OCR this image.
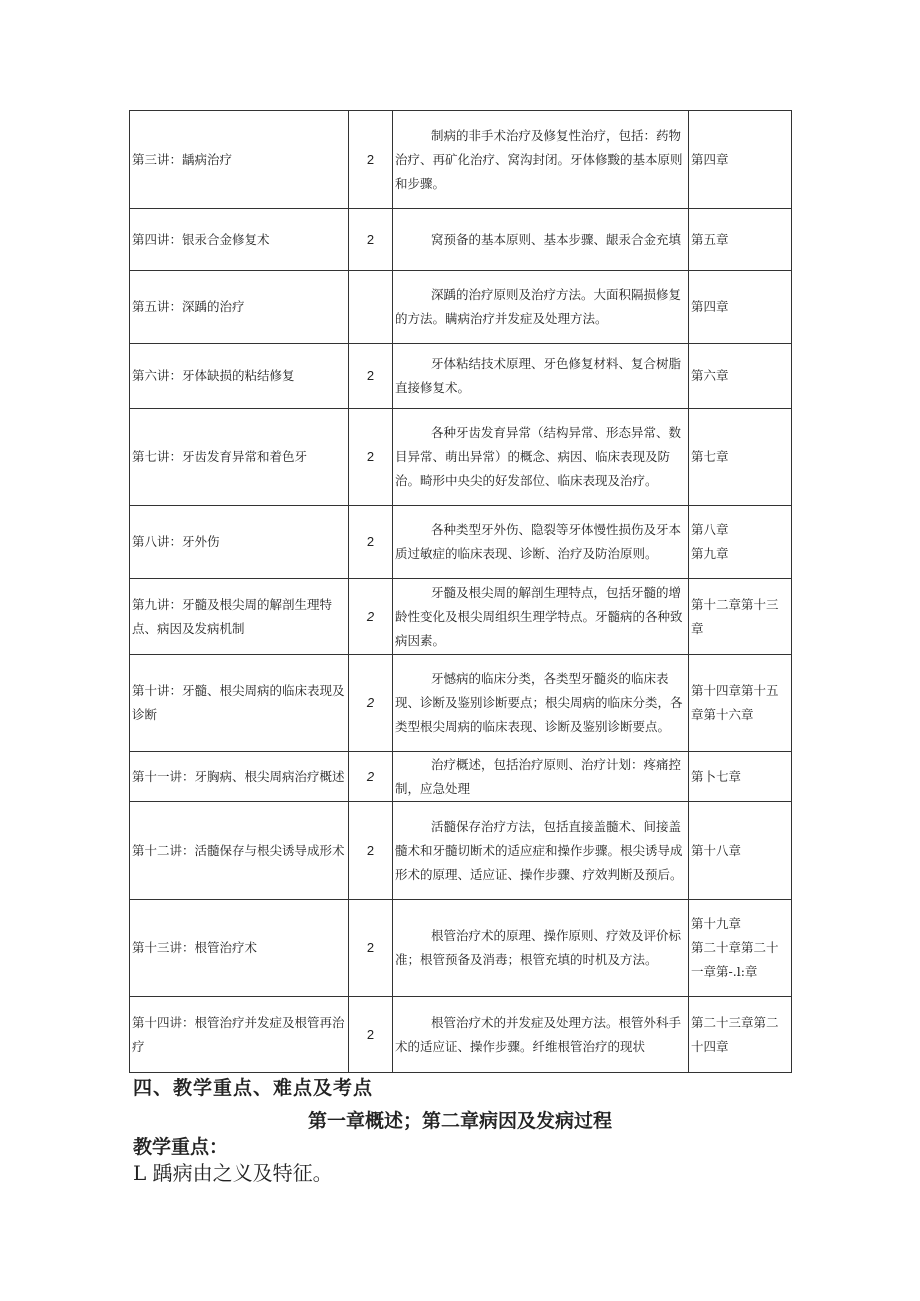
第三讲：龋病治疗	2	制病的非手术治疗及修复性治疗，包括：药物治疗、再矿化治疗、窝沟封闭。牙体修黢的基本原则和步骤。	第四章

第四讲：银汞合金修复术	2	窝预备的基本原则、基本步骤、龈汞合金充填	第五章

第五讲：深踽的治疗		深踽的治疗原则及治疗方法。大面积隔损修复的方法。瞒病治疗并发症及处理方法。	第四章

第六讲：牙体缺损的粘结修复	2	牙体粘结技术原理、牙色修复材料、复合树脂直接修复术。	第六章

第七讲：牙齿发育异常和着色牙	2	各种牙齿发育异常（结构异常、形态异常、数目异常、萌出异常）的概念、病因、临床表现及防治。畸形中央尖的好发部位、临床表现及治疗。	第七章

第八讲：牙外伤	2	各种类型牙外伤、隐裂等牙体慢性损伤及牙本质过敏症的临床表现、诊断、治疗及防治原则。	第八章
第九章

第九讲：牙髓及根尖周的解剖生理特点、病因及发病机制	2	牙髓及根尖周的解剖生理特点，包括牙髓的增龄性变化及根尖周组织生理学特点。牙髓病的各种致病因素。	第十二章第十三章

第十讲：牙髓、根尖周病的临床表现及诊断	2	牙憾病的临床分类，各类型牙髓炎的临床表现、诊断及鉴别诊断要点；根尖周病的临床分类，各类型根尖周病的临床表现、诊断及鉴别诊断要点。	第十四章第十五章第十六章

第十一讲：牙胸病、根尖周病治疗概述	2	治疗概述，包括治疗原则、治疗计划：疼痛控制，应急处理	第卜七章

第十二讲：活髓保存与根尖诱导成形术	2	活髓保存治疗方法，包括直接盖髓术、间接盖髓术和牙髓切断术的适应症和操作步骤。根尖诱导成形术的原理、适应证、操作步骤、疗效判断及预后。	第十八章

第十三讲：根管治疗术	2	根管治疗术的原理、操作原则、疗效及评价标准；根管预备及消毒；根管充填的时机及方法。	第十九章
第二十章第二十一章第-.l:章

第十四讲：根管治疗并发症及根管再治疗	2	根管治疗术的并发症及处理方法。根管外科手术的适应证、操作步骤。纤维根管治疗的现状	第二十三章第二十四章
四、教学重点、难点及考点
第一章概述；第二章病因及发病过程
教学重点：
L 踽病由之义及特征。
